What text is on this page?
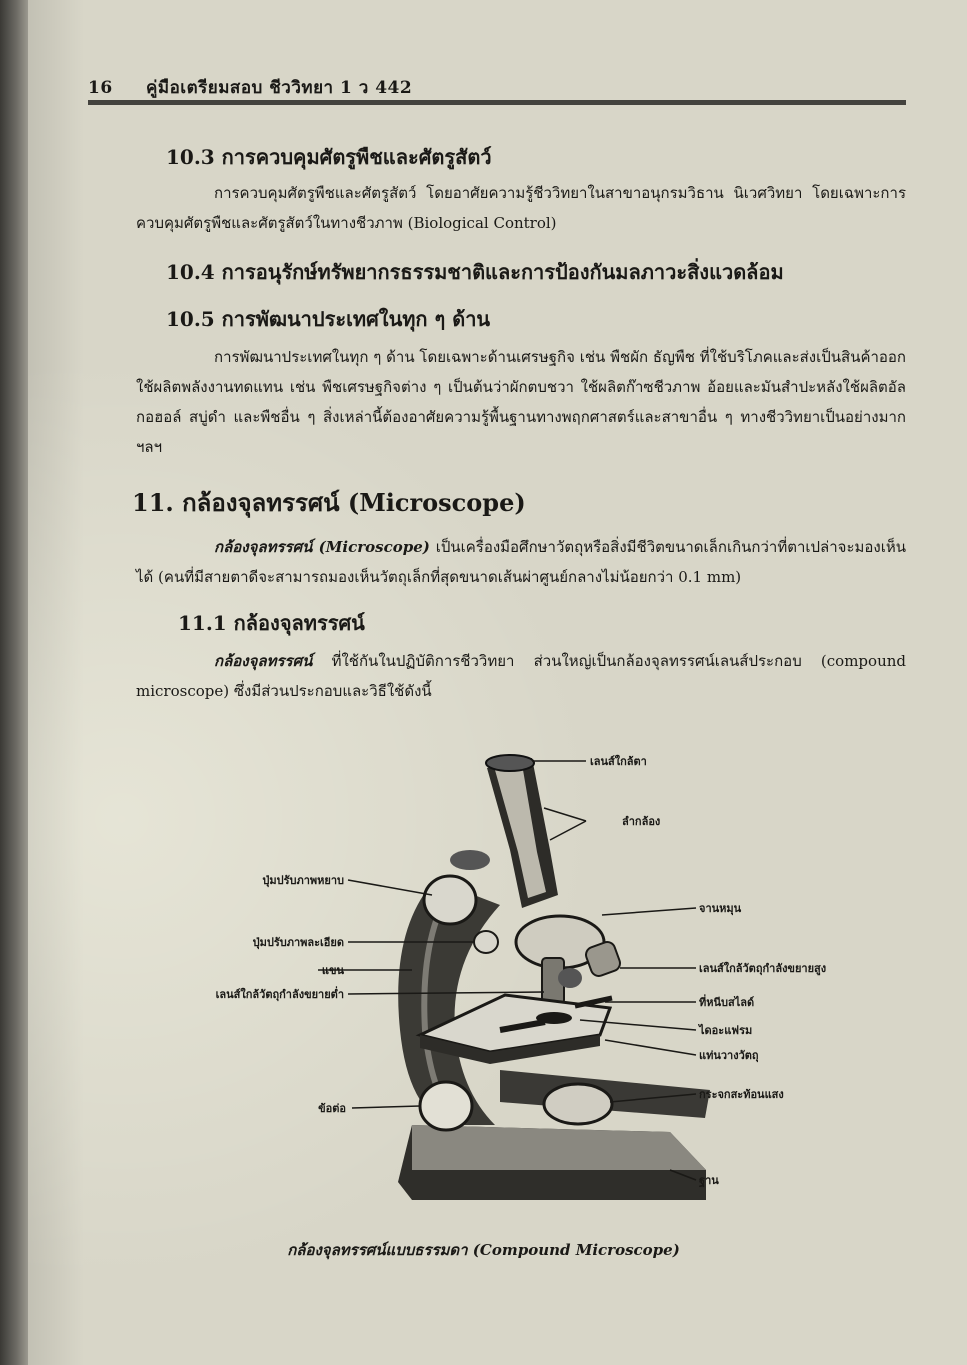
16 คู่มือเตรียมสอบ ชีววิทยา 1 ว 442
10.3 การควบคุมศัตรูพืชและศัตรูสัตว์
การควบคุมศัตรูพืชและศัตรูสัตว์ โดยอาศัยความรู้ชีววิทยาในสาขาอนุกรมวิธาน นิเวศวิทยา โดยเฉพาะการควบคุมศัตรูพืชและศัตรูสัตว์ในทางชีวภาพ (Biological Control)
10.4 การอนุรักษ์ทรัพยากรธรรมชาติและการป้องกันมลภาวะสิ่งแวดล้อม
10.5 การพัฒนาประเทศในทุก ๆ ด้าน
การพัฒนาประเทศในทุก ๆ ด้าน โดยเฉพาะด้านเศรษฐกิจ เช่น พืชผัก ธัญพืช ที่ใช้บริโภคและส่งเป็นสินค้าออก ใช้ผลิตพลังงานทดแทน เช่น พืชเศรษฐกิจต่าง ๆ เป็นต้นว่าผักตบชวา ใช้ผลิตก๊าซชีวภาพ อ้อยและมันสำปะหลังใช้ผลิตอัลกอฮอล์ สบู่ดำ และพืชอื่น ๆ สิ่งเหล่านี้ต้องอาศัยความรู้พื้นฐานทางพฤกศาสตร์และสาขาอื่น ๆ ทางชีววิทยาเป็นอย่างมาก ฯลฯ
11. กล้องจุลทรรศน์ (Microscope)
กล้องจุลทรรศน์ (Microscope) เป็นเครื่องมือศึกษาวัตถุหรือสิ่งมีชีวิตขนาดเล็กเกินกว่าที่ตาเปล่าจะมองเห็นได้ (คนที่มีสายตาดีจะสามารถมองเห็นวัตถุเล็กที่สุดขนาดเส้นผ่าศูนย์กลางไม่น้อยกว่า 0.1 mm)
11.1 กล้องจุลทรรศน์
กล้องจุลทรรศน์ ที่ใช้กันในปฏิบัติการชีววิทยา ส่วนใหญ่เป็นกล้องจุลทรรศน์เลนส์ประกอบ (compound microscope) ซึ่งมีส่วนประกอบและวิธีใช้ดังนี้
เลนส์ใกล้ตา
ลำกล้อง
ปุ่มปรับภาพหยาบ
จานหมุน
ปุ่มปรับภาพละเอียด
แขน	เลนส์ใกล้วัตถุกำลังขยายสูง
เลนส์ใกล้วัตถุกำลังขยายต่ำ
ที่หนีบสไลด์
ไดอะแฟรม
แท่นวางวัตถุ
ข้อต่อ
กระจกสะท้อนแสง
ฐาน
กล้องจุลทรรศน์แบบธรรมดา (Compound Microscope)
